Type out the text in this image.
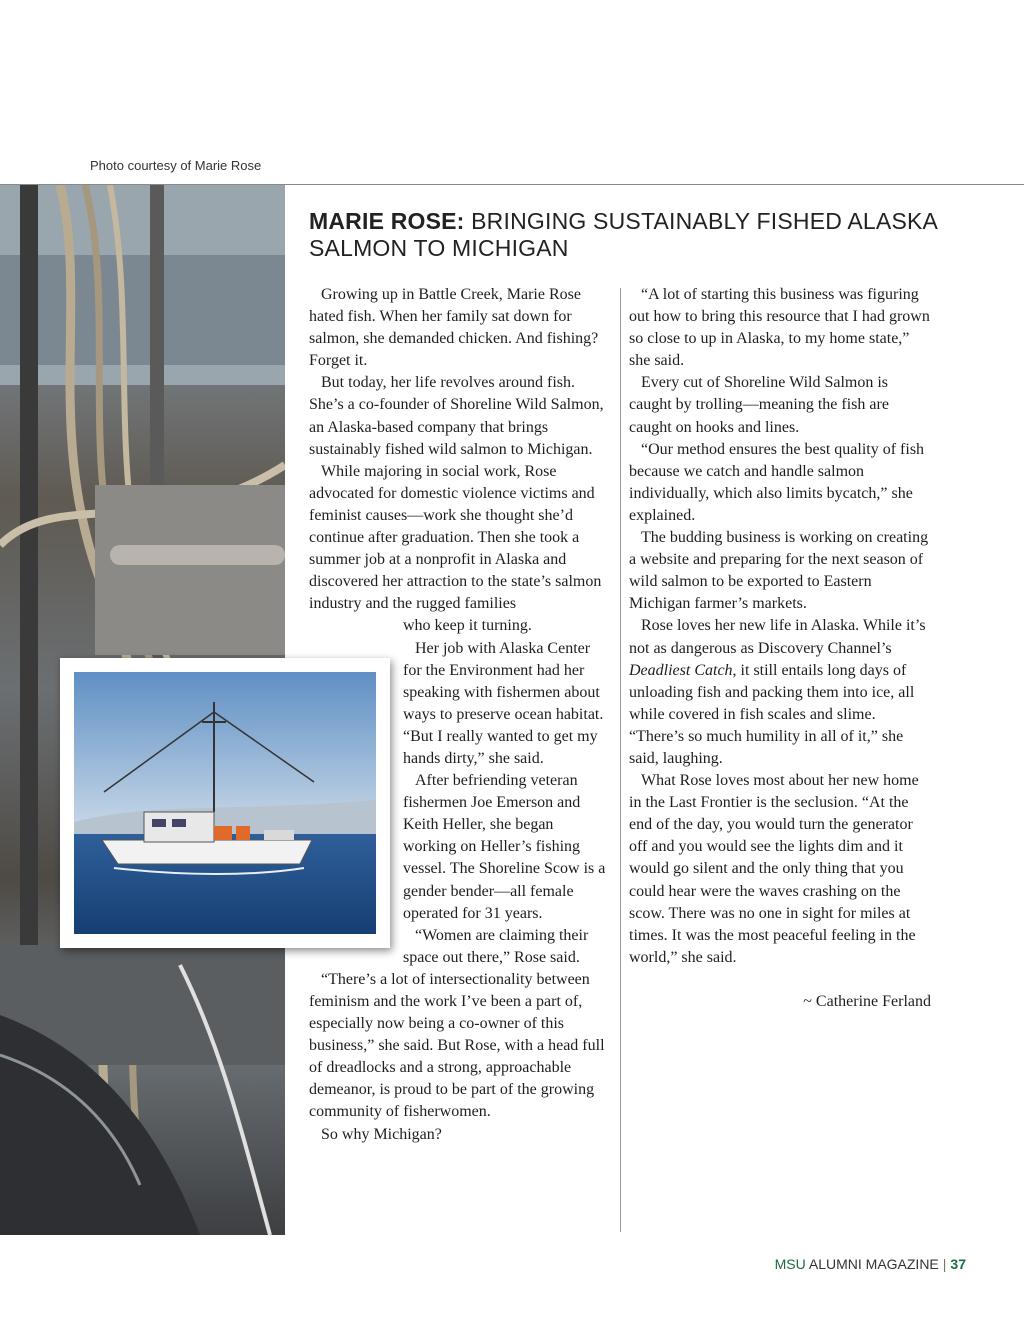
Photo courtesy of Marie Rose
MARIE ROSE: BRINGING SUSTAINABLY FISHED ALASKA SALMON TO MICHIGAN

Growing up in Battle Creek, Marie Rose hated fish. When her family sat down for salmon, she demanded chicken. And fishing? Forget it.

But today, her life revolves around fish. She’s a co-founder of Shoreline Wild Salmon, an Alaska-based company that brings sustainably fished wild salmon to Michigan.

While majoring in social work, Rose advocated for domestic violence victims and feminist causes—work she thought she’d continue after graduation. Then she took a summer job at a nonprofit in Alaska and discovered her attraction to the state’s salmon industry and the rugged families

who keep it turning.

Her job with Alaska Center for the Environment had her speaking with fishermen about ways to preserve ocean habitat. “But I really wanted to get my hands dirty,” she said.

After befriending veteran fishermen Joe Emerson and Keith Heller, she began working on Heller’s fishing vessel. The Shoreline Scow is a gender bender—all female operated for 31 years.

“Women are claiming their space out there,” Rose said.

“There’s a lot of intersectionality between feminism and the work I’ve been a part of, especially now being a co-owner of this business,” she said. But Rose, with a head full of dreadlocks and a strong, approachable demeanor, is proud to be part of the growing community of fisherwomen.

So why Michigan?

“A lot of starting this business was figuring out how to bring this resource that I had grown so close to up in Alaska, to my home state,” she said.

Every cut of Shoreline Wild Salmon is caught by trolling—meaning the fish are caught on hooks and lines.

“Our method ensures the best quality of fish because we catch and handle salmon individually, which also limits bycatch,” she explained.

The budding business is working on creating a website and preparing for the next season of wild salmon to be exported to Eastern Michigan farmer’s markets.

Rose loves her new life in Alaska. While it’s not as dangerous as Discovery Channel’s Deadliest Catch, it still entails long days of unloading fish and packing them into ice, all while covered in fish scales and slime. “There’s so much humility in all of it,” she said, laughing.

What Rose loves most about her new home in the Last Frontier is the seclusion. “At the end of the day, you would turn the generator off and you would see the lights dim and it would go silent and the only thing that you could hear were the waves crashing on the scow. There was no one in sight for miles at times. It was the most peaceful feeling in the world,” she said.

~ Catherine Ferland

MSU ALUMNI MAGAZINE | 37
